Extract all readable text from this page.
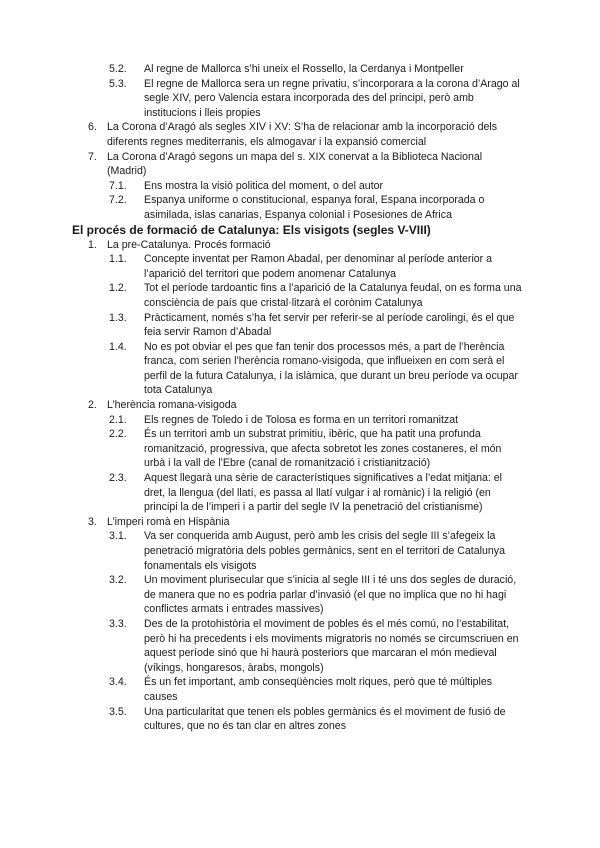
5.2. Al regne de Mallorca s’hi uneix el Rossello, la Cerdanya i Montpeller
5.3. El regne de Mallorca sera un regne privatiu, s’incorporara a la corona d’Arago al segle XIV, pero Valencia estara incorporada des del principi, però amb institucions i lleis propies
6. La Corona d’Aragó als segles XIV i XV: S’ha de relacionar amb la incorporació dels diferents regnes mediterranis, els almogavar i la expansió comercial
7. La Corona d’Aragó segons un mapa del s. XIX conervat a la Biblioteca Nacional (Madrid)
7.1. Ens mostra la visió politica del moment, o del autor
7.2. Espanya uniforme o constitucional, espanya foral, Espana incorporada o asimilada, islas canarias, Espanya colonial i Posesiones de Africa
El procés de formació de Catalunya: Els visigots (segles V-VIII)
1. La pre-Catalunya. Procés formació
1.1. Concepte inventat per Ramon Abadal, per denominar al període anterior a l’aparició del territori que podem anomenar Catalunya
1.2. Tot el període tardoantic fins a l’aparició de la Catalunya feudal, on es forma una consciència de país que cristal·litzarà el corònim Catalunya
1.3. Pràcticament, només s’ha fet servir per referir-se al període carolingi, és el que feia servir Ramon d’Abadal
1.4. No es pot obviar el pes que fan tenir dos processos més, a part de l’herència franca, com serien l’herència romano-visigoda, que influeixen en com serà el perfil de la futura Catalunya, i la islàmica, que durant un breu període va ocupar tota Catalunya
2. L’herència romana-visigoda
2.1. Els regnes de Toledo i de Tolosa es forma en un territori romanitzat
2.2. És un territori amb un substrat primitiu, ibèric, que ha patit una profunda romanització, progressiva, que afecta sobretot les zones costaneres, el món urbà i la vall de l’Ebre (canal de romanització i cristianització)
2.3. Aquest llegarà una sèrie de característiques significatives a l’edat mitjana: el dret, la llengua (del llatí, es passa al llatí vulgar i al romànic) i la religió (en principi la de l’imperi i a partir del segle IV la penetració del cristianisme)
3. L’imperi romà en Hispània
3.1. Va ser conquerida amb August, però amb les crisis del segle III s’afegeix la penetració migratòria dels pobles germànics, sent en el territori de Catalunya fonamentals els visigots
3.2. Un moviment plurisecular que s’inicia al segle III i té uns dos segles de duració, de manera que no es podria parlar d’invasió (el que no implica que no hi hagi conflictes armats i entrades massives)
3.3. Des de la protohistòria el moviment de pobles és el més comú, no l’estabilitat, però hi ha precedents i els moviments migratoris no només se circumscriuen en aquest període sinó que hi haurà posteriors que marcaran el món medieval (víkings, hongaresos, àrabs, mongols)
3.4. És un fet important, amb conseqüències molt riques, però que té múltiples causes
3.5. Una particularitat que tenen els pobles germànics és el moviment de fusió de cultures, que no és tan clar en altres zones
